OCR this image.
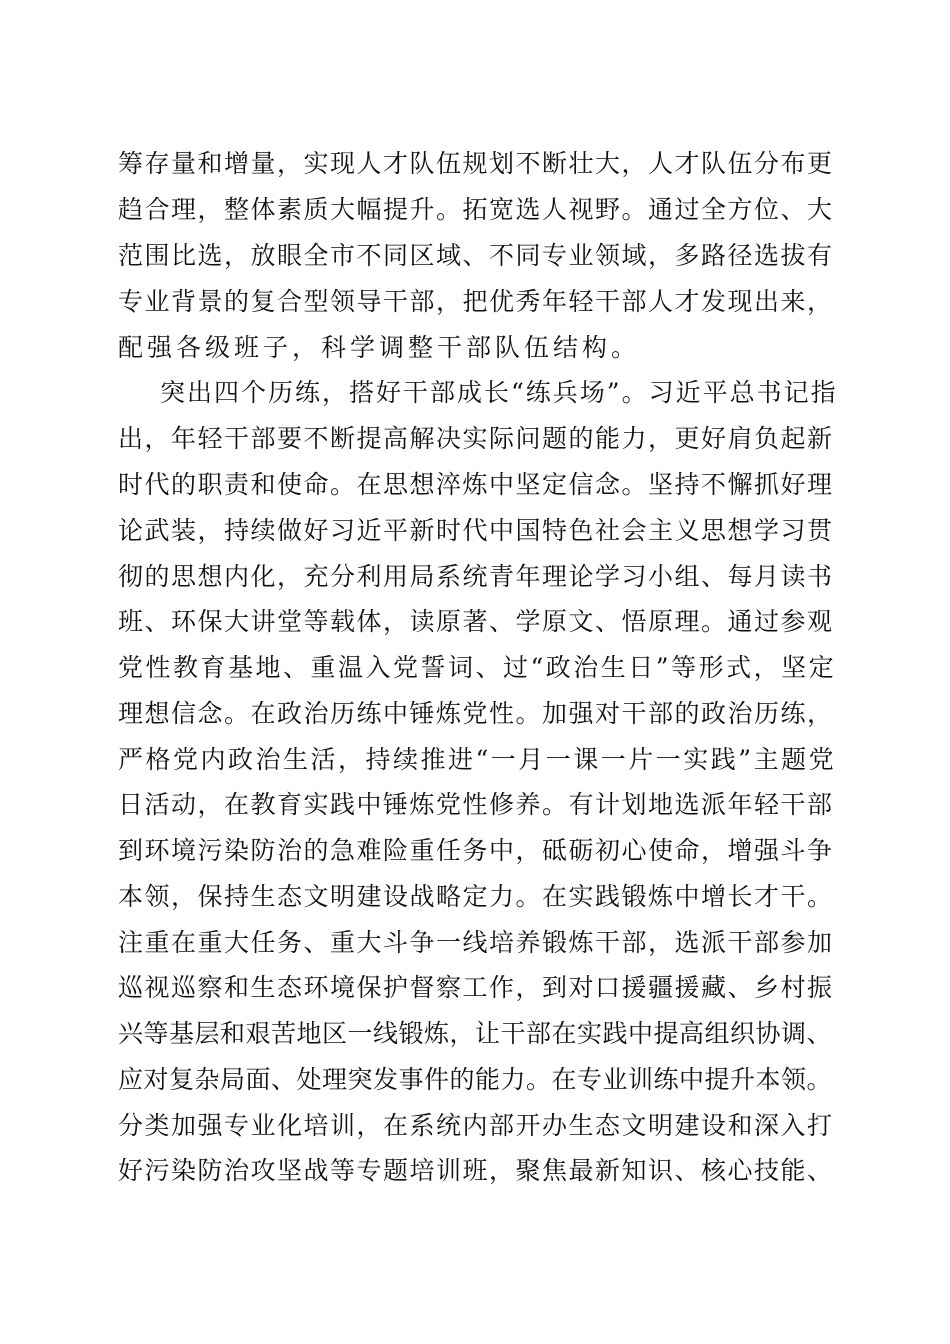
筹存量和增量，实现人才队伍规划不断壮大，人才队伍分布更
趋合理，整体素质大幅提升。拓宽选人视野。通过全方位、大
范围比选，放眼全市不同区域、不同专业领域，多路径选拔有
专业背景的复合型领导干部，把优秀年轻干部人才发现出来，
配强各级班子，科学调整干部队伍结构。
突出四个历练，搭好干部成长“练兵场”。习近平总书记指
出，年轻干部要不断提高解决实际问题的能力，更好肩负起新
时代的职责和使命。在思想淬炼中坚定信念。坚持不懈抓好理
论武装，持续做好习近平新时代中国特色社会主义思想学习贯
彻的思想内化，充分利用局系统青年理论学习小组、每月读书
班、环保大讲堂等载体，读原著、学原文、悟原理。通过参观
党性教育基地、重温入党誓词、过“政治生日”等形式，坚定
理想信念。在政治历练中锤炼党性。加强对干部的政治历练，
严格党内政治生活，持续推进“一月一课一片一实践”主题党
日活动，在教育实践中锤炼党性修养。有计划地选派年轻干部
到环境污染防治的急难险重任务中，砥砺初心使命，增强斗争
本领，保持生态文明建设战略定力。在实践锻炼中增长才干。
注重在重大任务、重大斗争一线培养锻炼干部，选派干部参加
巡视巡察和生态环境保护督察工作，到对口援疆援藏、乡村振
兴等基层和艰苦地区一线锻炼，让干部在实践中提高组织协调、
应对复杂局面、处理突发事件的能力。在专业训练中提升本领。
分类加强专业化培训，在系统内部开办生态文明建设和深入打
好污染防治攻坚战等专题培训班，聚焦最新知识、核心技能、
